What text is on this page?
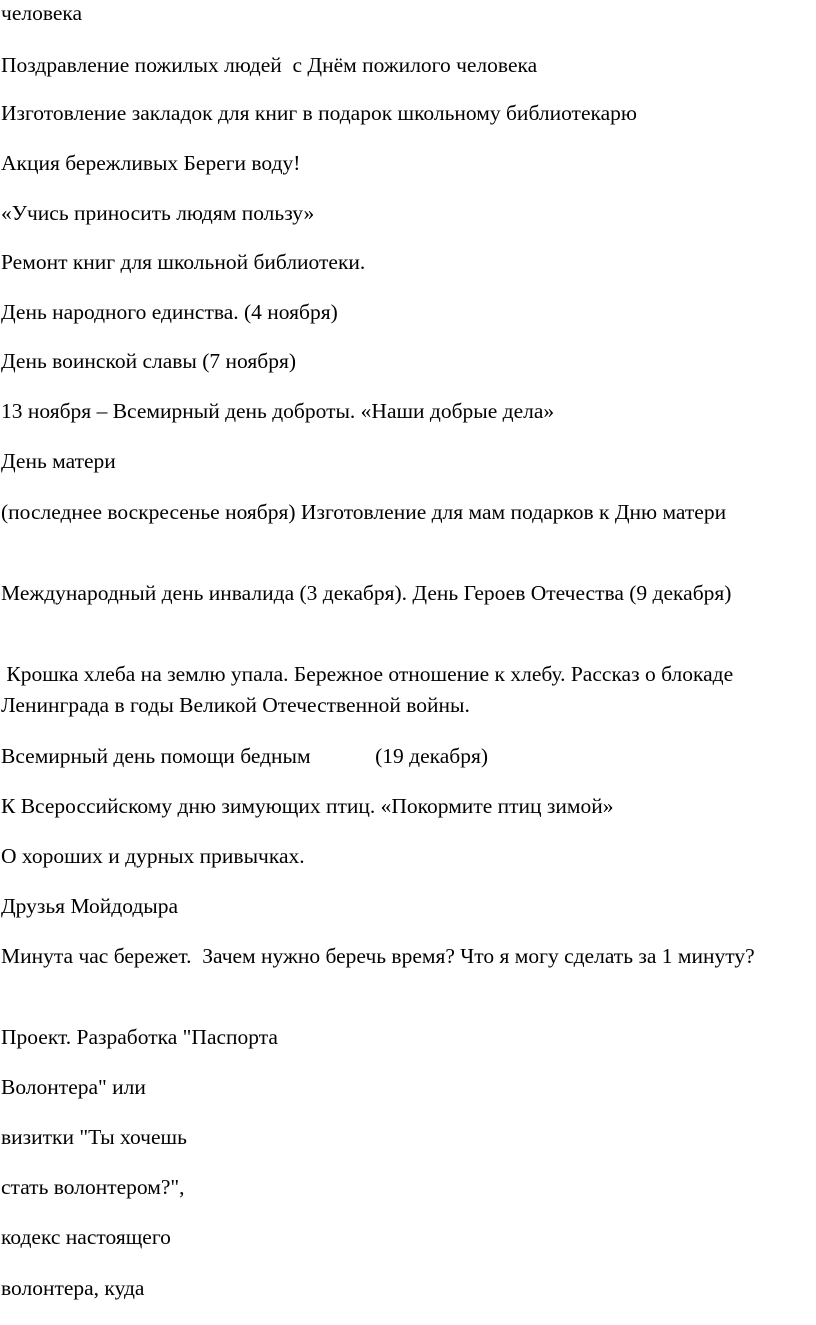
человека
Поздравление пожилых людей  с Днём пожилого человека
Изготовление закладок для книг в подарок школьному библиотекарю
Акция бережливых Береги воду!
«Учись приносить людям пользу»
Ремонт книг для школьной библиотеки.
День народного единства. (4 ноября)
День воинской славы (7 ноября)
13 ноября – Всемирный день доброты. «Наши добрые дела»
День матери
(последнее воскресенье ноября) Изготовление для мам подарков к Дню матери
Международный день инвалида (3 декабря). День Героев Отечества (9 декабря)
Крошка хлеба на землю упала. Бережное отношение к хлебу. Рассказ о блокаде Ленинграда в годы Великой Отечественной войны.
Всемирный день помощи бедным            (19 декабря)
К Всероссийскому дню зимующих птиц. «Покормите птиц зимой»
О хороших и дурных привычках.
Друзья Мойдодыра
Минута час бережет.  Зачем нужно беречь время? Что я могу сделать за 1 минуту?
Проект. Разработка "Паспорта
Волонтера" или
визитки "Ты хочешь
стать волонтером?",
кодекс настоящего
волонтера, куда
